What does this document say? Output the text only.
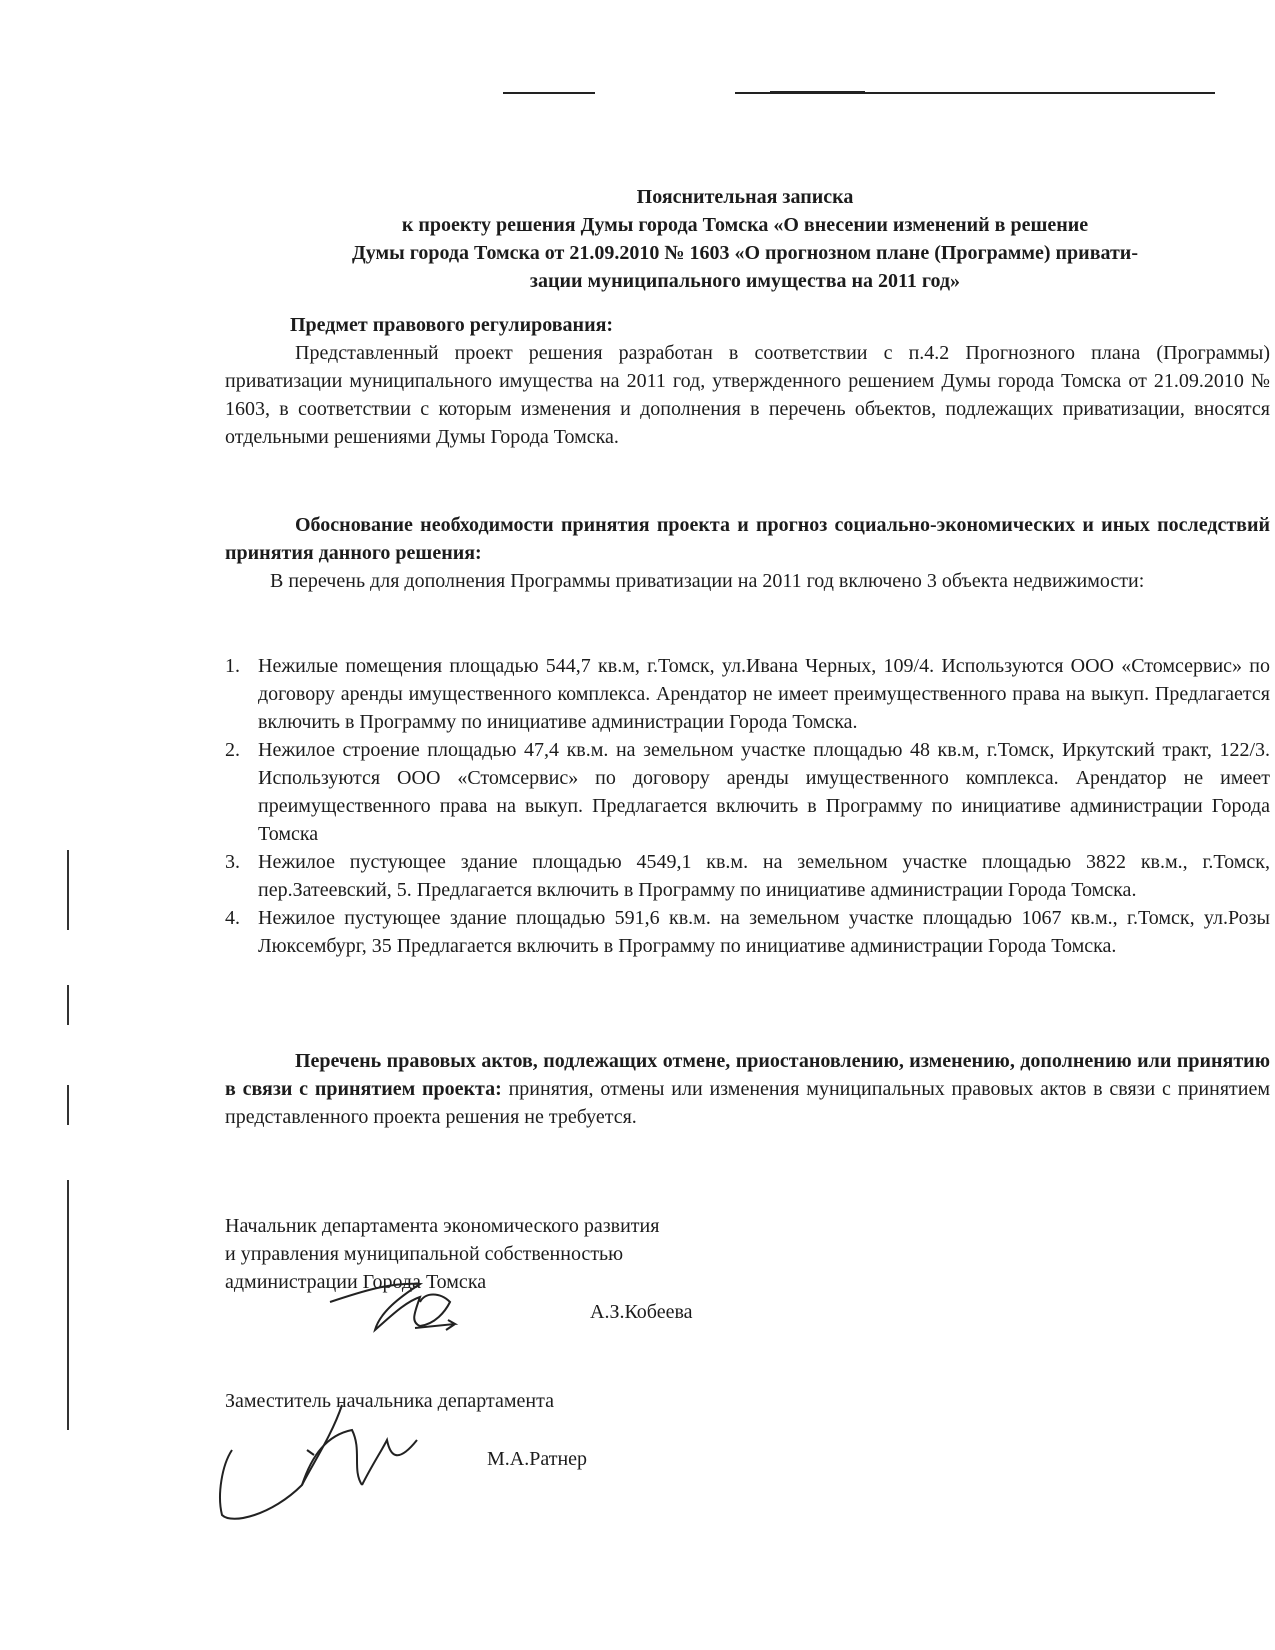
Пояснительная записка
к проекту решения Думы города Томска «О внесении изменений в решение
Думы города Томска от 21.09.2010 № 1603 «О прогнозном плане (Программе) привати-
зации муниципального имущества на 2011 год»
Предмет правового регулирования:
Представленный проект решения разработан в соответствии с п.4.2 Прогнозного плана (Программы) приватизации муниципального имущества на 2011 год, утвержденного решением Думы города Томска от 21.09.2010 № 1603, в соответствии с которым изменения и дополнения в перечень объектов, подлежащих приватизации, вносятся отдельными решениями Думы Города Томска.
Обоснование необходимости принятия проекта и прогноз социально-экономических и иных последствий принятия данного решения:
В перечень для дополнения Программы приватизации на 2011 год включено 3 объекта недвижимости:
1. Нежилые помещения площадью 544,7 кв.м, г.Томск, ул.Ивана Черных, 109/4. Используются ООО «Стомсервис» по договору аренды имущественного комплекса. Арендатор не имеет преимущественного права на выкуп. Предлагается включить в Программу по инициативе администрации Города Томска.
2. Нежилое строение площадью 47,4 кв.м. на земельном участке площадью 48 кв.м, г.Томск, Иркутский тракт, 122/3. Используются ООО «Стомсервис» по договору аренды имущественного комплекса. Арендатор не имеет преимущественного права на выкуп. Предлагается включить в Программу по инициативе администрации Города Томска
3. Нежилое пустующее здание площадью 4549,1 кв.м. на земельном участке площадью 3822 кв.м., г.Томск, пер.Затеевский, 5. Предлагается включить в Программу по инициативе администрации Города Томска.
4. Нежилое пустующее здание площадью 591,6 кв.м. на земельном участке площадью 1067 кв.м., г.Томск, ул.Розы Люксембург, 35 Предлагается включить в Программу по инициативе администрации Города Томска.
Перечень правовых актов, подлежащих отмене, приостановлению, изменению, дополнению или принятию в связи с принятием проекта: принятия, отмены или изменения муниципальных правовых актов в связи с принятием представленного проекта решения не требуется.
Начальник департамента экономического развития
и управления муниципальной собственностью
администрации Города Томска
А.З.Кобеева
Заместитель начальника департамента
М.А.Ратнер
